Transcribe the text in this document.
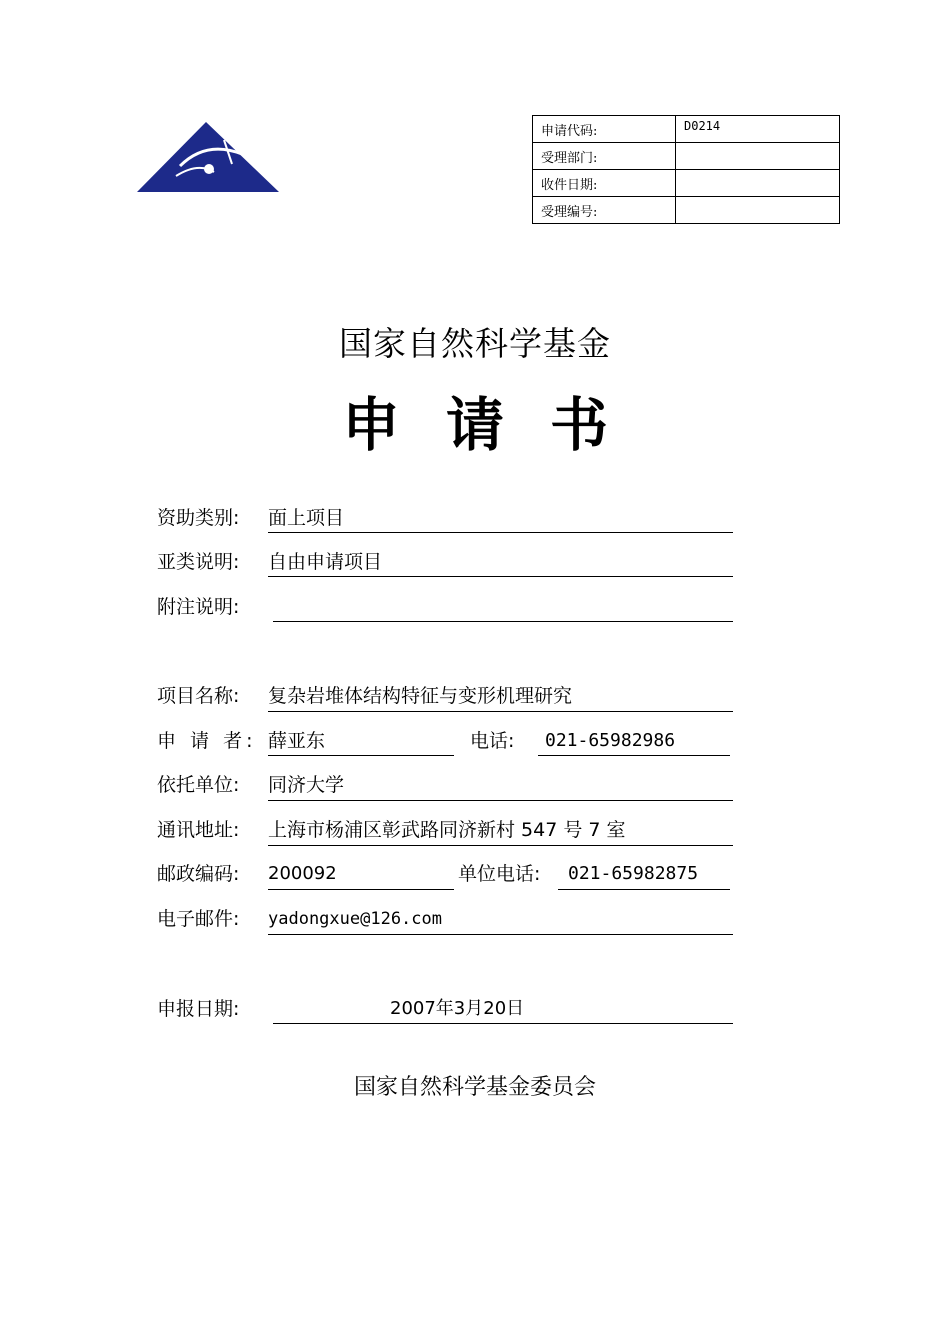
申请代码:	D0214
受理部门:	
收件日期:	
受理编号:	
国家自然科学基金
申 请 书
资助类别: 面上项目
亚类说明: 自由申请项目
附注说明:
项目名称: 复杂岩堆体结构特征与变形机理研究
申 请 者: 薛亚东	电话: 021-65982986
依托单位: 同济大学
通讯地址: 上海市杨浦区彰武路同济新村 547 号 7 室
邮政编码: 200092	单位电话: 021-65982875
电子邮件: yadongxue@126.com
申报日期:	2007年3月20日
国家自然科学基金委员会
